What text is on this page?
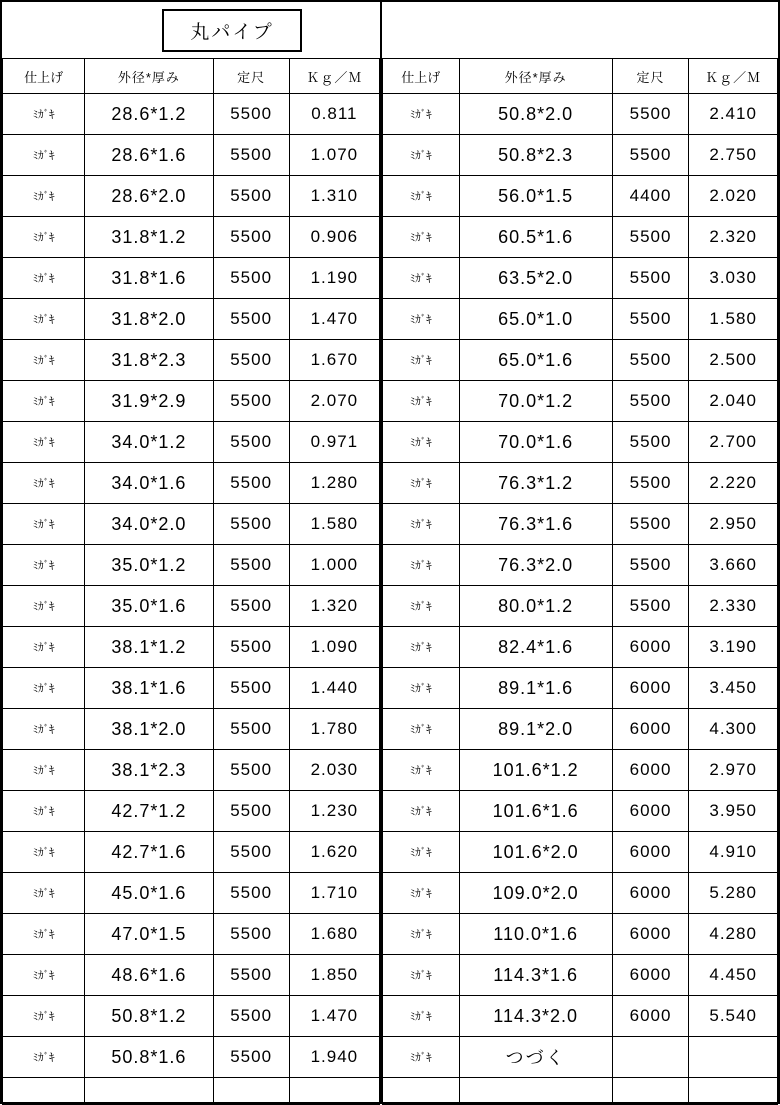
	丸パイプ		
仕上げ	外径*厚み	定尺	Ｋｇ／Ｍ
ﾐｶﾞｷ	28.6*1.2	5500	0.811
ﾐｶﾞｷ	28.6*1.6	5500	1.070
ﾐｶﾞｷ	28.6*2.0	5500	1.310
ﾐｶﾞｷ	31.8*1.2	5500	0.906
ﾐｶﾞｷ	31.8*1.6	5500	1.190
ﾐｶﾞｷ	31.8*2.0	5500	1.470
ﾐｶﾞｷ	31.8*2.3	5500	1.670
ﾐｶﾞｷ	31.9*2.9	5500	2.070
ﾐｶﾞｷ	34.0*1.2	5500	0.971
ﾐｶﾞｷ	34.0*1.6	5500	1.280
ﾐｶﾞｷ	34.0*2.0	5500	1.580
ﾐｶﾞｷ	35.0*1.2	5500	1.000
ﾐｶﾞｷ	35.0*1.6	5500	1.320
ﾐｶﾞｷ	38.1*1.2	5500	1.090
ﾐｶﾞｷ	38.1*1.6	5500	1.440
ﾐｶﾞｷ	38.1*2.0	5500	1.780
ﾐｶﾞｷ	38.1*2.3	5500	2.030
ﾐｶﾞｷ	42.7*1.2	5500	1.230
ﾐｶﾞｷ	42.7*1.6	5500	1.620
ﾐｶﾞｷ	45.0*1.6	5500	1.710
ﾐｶﾞｷ	47.0*1.5	5500	1.680
ﾐｶﾞｷ	48.6*1.6	5500	1.850
ﾐｶﾞｷ	50.8*1.2	5500	1.470
ﾐｶﾞｷ	50.8*1.6	5500	1.940

仕上げ	外径*厚み	定尺	Ｋｇ／Ｍ
ﾐｶﾞｷ	50.8*2.0	5500	2.410
ﾐｶﾞｷ	50.8*2.3	5500	2.750
ﾐｶﾞｷ	56.0*1.5	4400	2.020
ﾐｶﾞｷ	60.5*1.6	5500	2.320
ﾐｶﾞｷ	63.5*2.0	5500	3.030
ﾐｶﾞｷ	65.0*1.0	5500	1.580
ﾐｶﾞｷ	65.0*1.6	5500	2.500
ﾐｶﾞｷ	70.0*1.2	5500	2.040
ﾐｶﾞｷ	70.0*1.6	5500	2.700
ﾐｶﾞｷ	76.3*1.2	5500	2.220
ﾐｶﾞｷ	76.3*1.6	5500	2.950
ﾐｶﾞｷ	76.3*2.0	5500	3.660
ﾐｶﾞｷ	80.0*1.2	5500	2.330
ﾐｶﾞｷ	82.4*1.6	6000	3.190
ﾐｶﾞｷ	89.1*1.6	6000	3.450
ﾐｶﾞｷ	89.1*2.0	6000	4.300
ﾐｶﾞｷ	101.6*1.2	6000	2.970
ﾐｶﾞｷ	101.6*1.6	6000	3.950
ﾐｶﾞｷ	101.6*2.0	6000	4.910
ﾐｶﾞｷ	109.0*2.0	6000	5.280
ﾐｶﾞｷ	110.0*1.6	6000	4.280
ﾐｶﾞｷ	114.3*1.6	6000	4.450
ﾐｶﾞｷ	114.3*2.0	6000	5.540
ﾐｶﾞｷ	つづく		
